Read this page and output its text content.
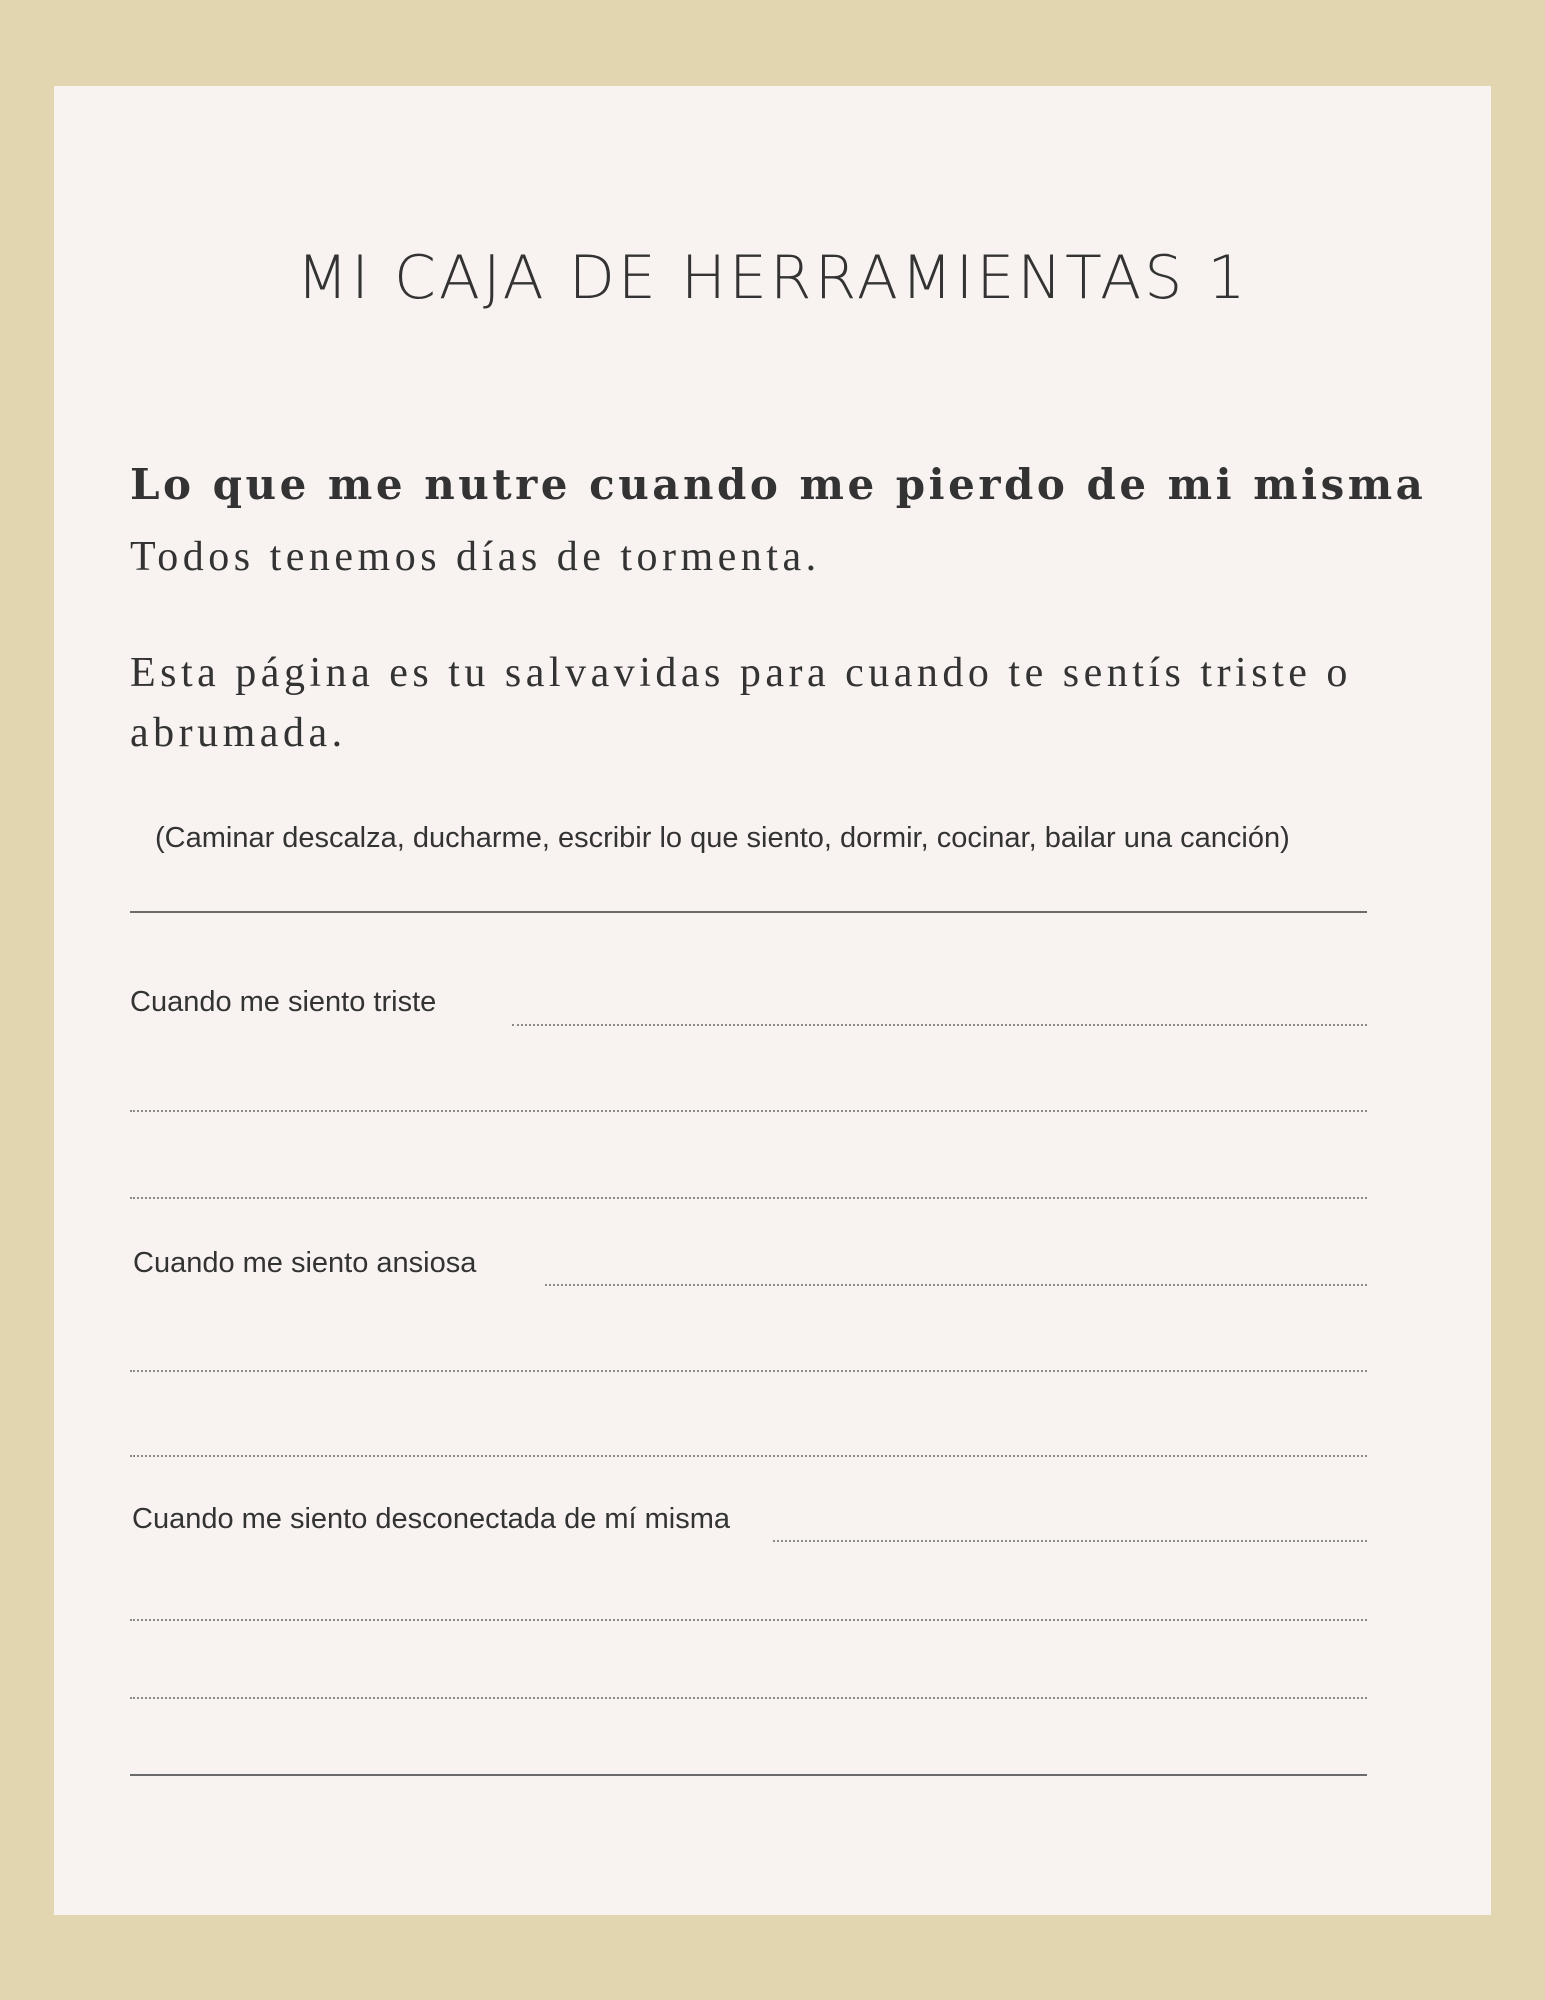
MI CAJA DE HERRAMIENTAS 1
Lo que me nutre cuando me pierdo de mi misma
Todos tenemos días de tormenta.
Esta página es tu salvavidas para cuando te sentís triste o abrumada.
(Caminar descalza, ducharme, escribir lo que siento, dormir, cocinar, bailar una canción)
Cuando me siento triste
Cuando me siento ansiosa
Cuando me siento desconectada de mí misma
